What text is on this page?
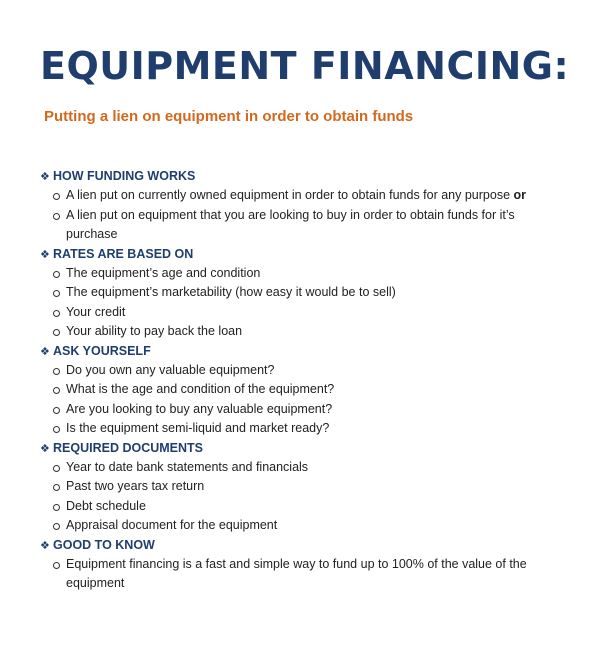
EQUIPMENT FINANCING:

Putting a lien on equipment in order to obtain funds

❖ HOW FUNDING WORKS
A lien put on currently owned equipment in order to obtain funds for any purpose or
A lien put on equipment that you are looking to buy in order to obtain funds for it’s purchase
❖ RATES ARE BASED ON
The equipment’s age and condition
The equipment’s marketability (how easy it would be to sell)
Your credit
Your ability to pay back the loan
❖ ASK YOURSELF
Do you own any valuable equipment?
What is the age and condition of the equipment?
Are you looking to buy any valuable equipment?
Is the equipment semi-liquid and market ready?
❖ REQUIRED DOCUMENTS
Year to date bank statements and financials
Past two years tax return
Debt schedule
Appraisal document for the equipment
❖ GOOD TO KNOW
Equipment financing is a fast and simple way to fund up to 100% of the value of the equipment
